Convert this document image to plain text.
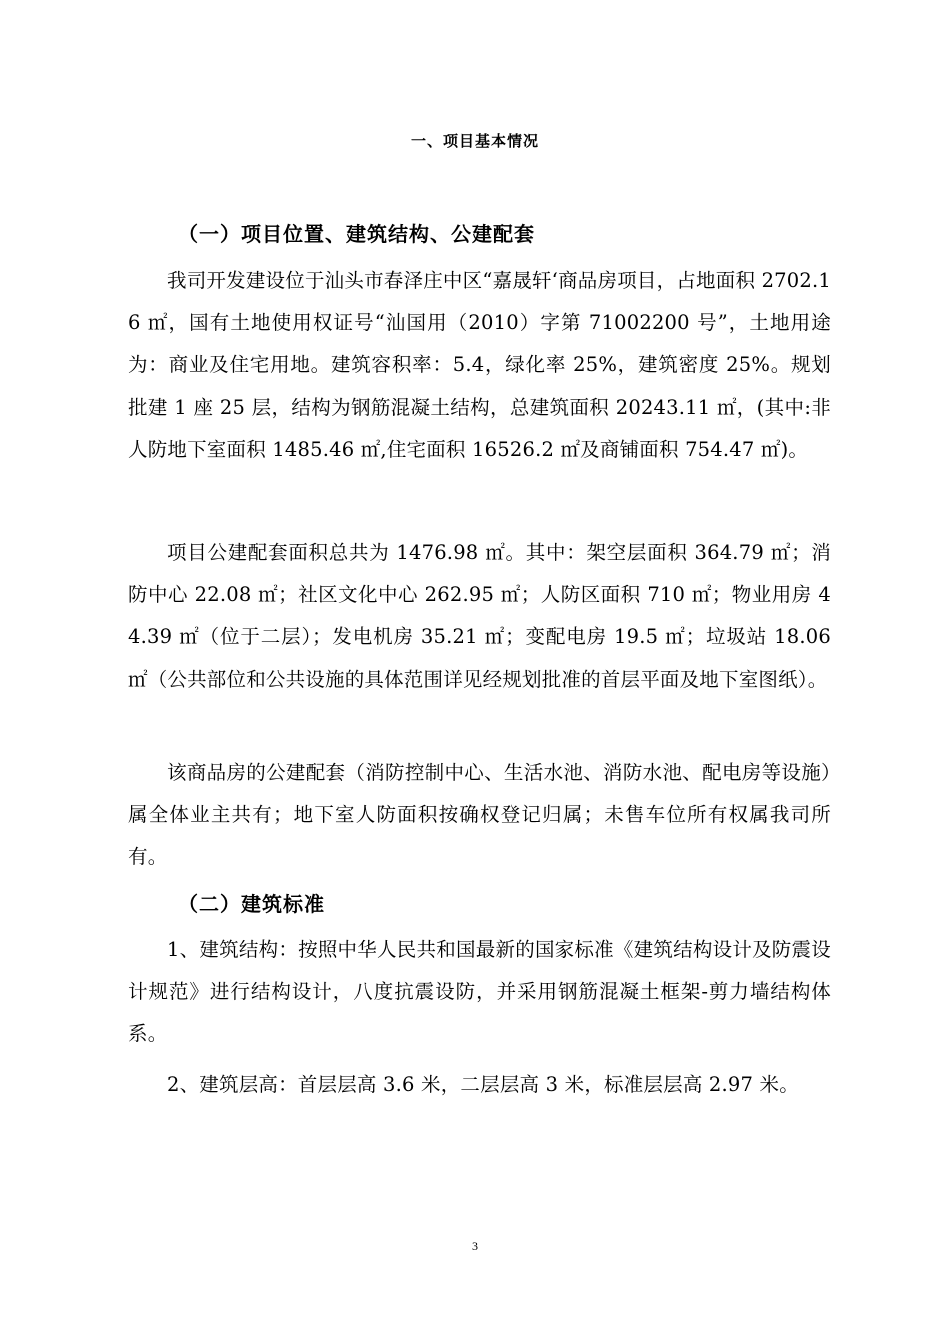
一、项目基本情况
（一）项目位置、建筑结构、公建配套

我司开发建设位于汕头市春泽庄中区“嘉晟轩‘商品房项目，占地面积 2702.16 ㎡，国有土地使用权证号“汕国用（2010）字第 71002200 号”，土地用途为：商业及住宅用地。建筑容积率：5.4，绿化率 25%，建筑密度 25%。规划批建 1 座 25 层，结构为钢筋混凝土结构，总建筑面积 20243.11 ㎡，(其中:非人防地下室面积 1485.46 ㎡,住宅面积 16526.2 ㎡及商铺面积 754.47 ㎡)。

项目公建配套面积总共为 1476.98 ㎡。其中：架空层面积 364.79 ㎡；消防中心 22.08 ㎡；社区文化中心 262.95 ㎡；人防区面积 710 ㎡；物业用房 44.39 ㎡（位于二层）；发电机房 35.21 ㎡；变配电房 19.5 ㎡；垃圾站 18.06 ㎡（公共部位和公共设施的具体范围详见经规划批准的首层平面及地下室图纸）。

该商品房的公建配套（消防控制中心、生活水池、消防水池、配电房等设施）属全体业主共有；地下室人防面积按确权登记归属；未售车位所有权属我司所有。

（二）建筑标准

1、建筑结构：按照中华人民共和国最新的国家标准《建筑结构设计及防震设计规范》进行结构设计，八度抗震设防，并采用钢筋混凝土框架-剪力墙结构体系。

2、建筑层高：首层层高 3.6 米，二层层高 3 米，标准层层高 2.97 米。

3
